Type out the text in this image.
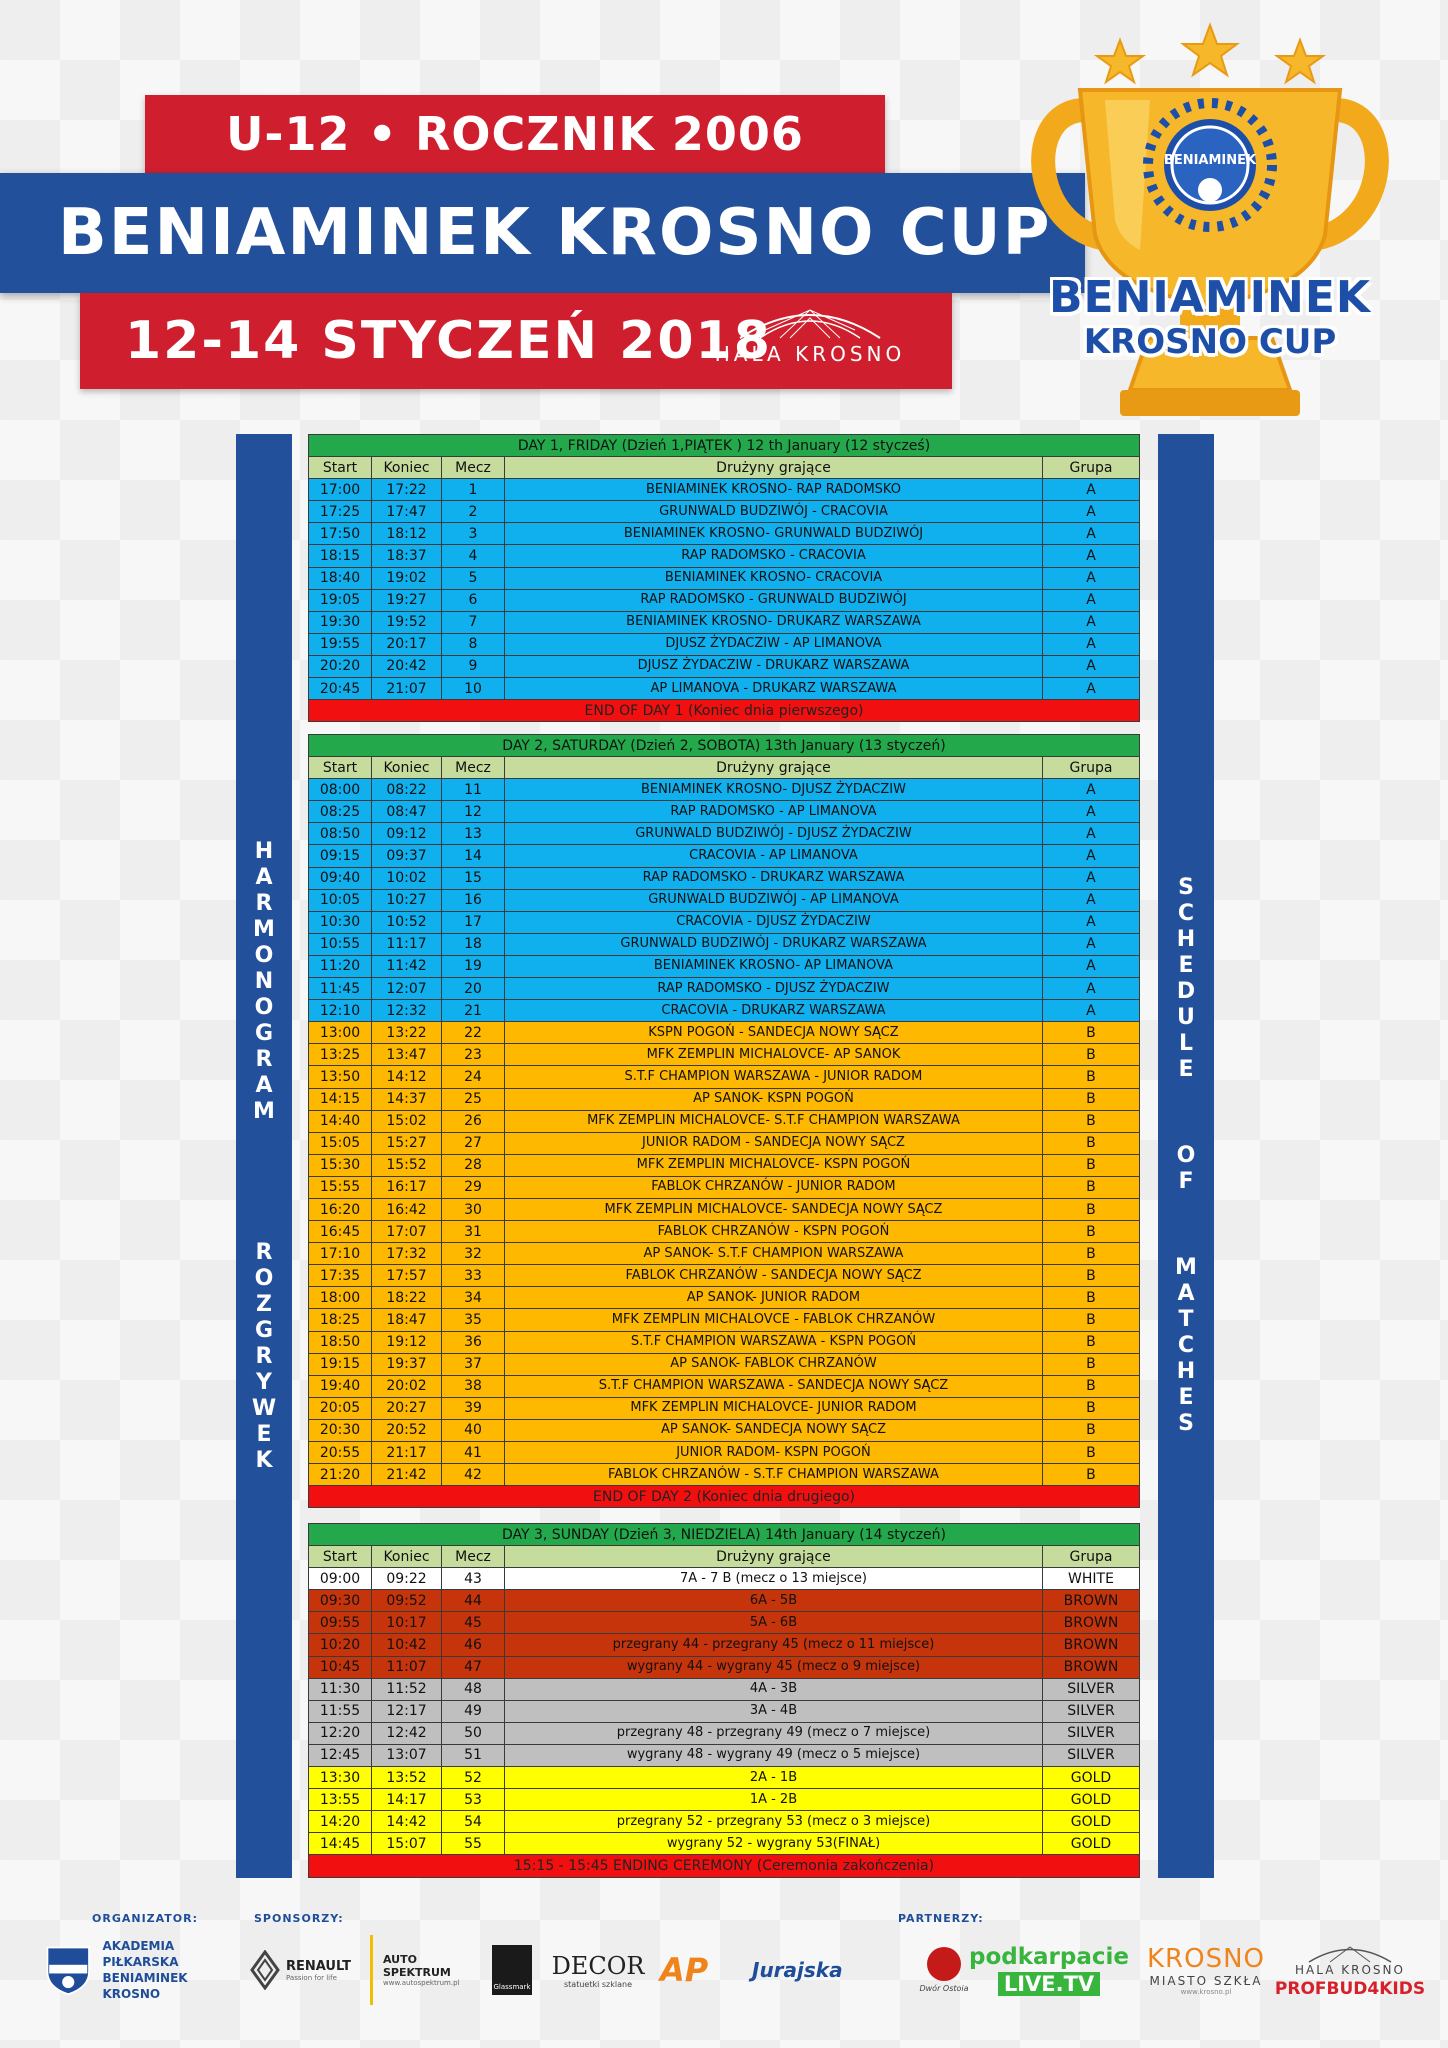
U-12 • ROCZNIK 2006
BENIAMINEK KROSNO CUP
12-14 STYCZEŃ 2018
HALA KROSNO
BENIAMINEK
BENIAMINEK
KROSNO CUP
H
A
R
M
O
N
O
G
R
A
M
R
O
Z
G
R
Y
W
E
K
S
C
H
E
D
U
L
E
O
F
M
A
T
C
H
E
S
DAY 1, FRIDAY (Dzień 1,PIĄTEK ) 12 th January (12 stycześ)				
Start	Koniec	Mecz	Drużyny grające	Grupa
17:00	17:22	1	BENIAMINEK KROSNO- RAP RADOMSKO	A
17:25	17:47	2	GRUNWALD BUDZIWÓJ - CRACOVIA	A
17:50	18:12	3	BENIAMINEK KROSNO- GRUNWALD BUDZIWÓJ	A
18:15	18:37	4	RAP RADOMSKO - CRACOVIA	A
18:40	19:02	5	BENIAMINEK KROSNO- CRACOVIA	A
19:05	19:27	6	RAP RADOMSKO - GRUNWALD BUDZIWÓJ	A
19:30	19:52	7	BENIAMINEK KROSNO- DRUKARZ WARSZAWA	A
19:55	20:17	8	DJUSZ ŻYDACZIW - AP LIMANOVA	A
20:20	20:42	9	DJUSZ ŻYDACZIW - DRUKARZ WARSZAWA	A
20:45	21:07	10	AP LIMANOVA - DRUKARZ WARSZAWA	A
END OF DAY 1 (Koniec dnia pierwszego)				
DAY 2, SATURDAY (Dzień 2, SOBOTA) 13th January (13 styczeń)				
Start	Koniec	Mecz	Drużyny grające	Grupa
08:00	08:22	11	BENIAMINEK KROSNO- DJUSZ ŻYDACZIW	A
08:25	08:47	12	RAP RADOMSKO - AP LIMANOVA	A
08:50	09:12	13	GRUNWALD BUDZIWÓJ - DJUSZ ŻYDACZIW	A
09:15	09:37	14	CRACOVIA - AP LIMANOVA	A
09:40	10:02	15	RAP RADOMSKO - DRUKARZ WARSZAWA	A
10:05	10:27	16	GRUNWALD BUDZIWÓJ - AP LIMANOVA	A
10:30	10:52	17	CRACOVIA - DJUSZ ŻYDACZIW	A
10:55	11:17	18	GRUNWALD BUDZIWÓJ - DRUKARZ WARSZAWA	A
11:20	11:42	19	BENIAMINEK KROSNO- AP LIMANOVA	A
11:45	12:07	20	RAP RADOMSKO - DJUSZ ŻYDACZIW	A
12:10	12:32	21	CRACOVIA - DRUKARZ WARSZAWA	A
13:00	13:22	22	KSPN POGOŃ - SANDECJA NOWY SĄCZ	B
13:25	13:47	23	MFK ZEMPLIN MICHALOVCE- AP SANOK	B
13:50	14:12	24	S.T.F CHAMPION WARSZAWA - JUNIOR RADOM	B
14:15	14:37	25	AP SANOK- KSPN POGOŃ	B
14:40	15:02	26	MFK ZEMPLIN MICHALOVCE- S.T.F CHAMPION WARSZAWA	B
15:05	15:27	27	JUNIOR RADOM - SANDECJA NOWY SĄCZ	B
15:30	15:52	28	MFK ZEMPLIN MICHALOVCE- KSPN POGOŃ	B
15:55	16:17	29	FABLOK CHRZANÓW - JUNIOR RADOM	B
16:20	16:42	30	MFK ZEMPLIN MICHALOVCE- SANDECJA NOWY SĄCZ	B
16:45	17:07	31	FABLOK CHRZANÓW - KSPN POGOŃ	B
17:10	17:32	32	AP SANOK- S.T.F CHAMPION WARSZAWA	B
17:35	17:57	33	FABLOK CHRZANÓW - SANDECJA NOWY SĄCZ	B
18:00	18:22	34	AP SANOK- JUNIOR RADOM	B
18:25	18:47	35	MFK ZEMPLIN MICHALOVCE - FABLOK CHRZANÓW	B
18:50	19:12	36	S.T.F CHAMPION WARSZAWA - KSPN POGOŃ	B
19:15	19:37	37	AP SANOK- FABLOK CHRZANÓW	B
19:40	20:02	38	S.T.F CHAMPION WARSZAWA - SANDECJA NOWY SĄCZ	B
20:05	20:27	39	MFK ZEMPLIN MICHALOVCE- JUNIOR RADOM	B
20:30	20:52	40	AP SANOK- SANDECJA NOWY SĄCZ	B
20:55	21:17	41	JUNIOR RADOM- KSPN POGOŃ	B
21:20	21:42	42	FABLOK CHRZANÓW - S.T.F CHAMPION WARSZAWA	B
END OF DAY 2 (Koniec dnia drugiego)				
DAY 3, SUNDAY (Dzień 3, NIEDZIELA) 14th January (14 styczeń)				
Start	Koniec	Mecz	Drużyny grające	Grupa
09:00	09:22	43	7A - 7 B (mecz o 13 miejsce)	WHITE
09:30	09:52	44	6A - 5B	BROWN
09:55	10:17	45	5A - 6B	BROWN
10:20	10:42	46	przegrany 44 - przegrany 45 (mecz o 11 miejsce)	BROWN
10:45	11:07	47	wygrany 44 - wygrany 45 (mecz o 9 miejsce)	BROWN
11:30	11:52	48	4A - 3B	SILVER
11:55	12:17	49	3A - 4B	SILVER
12:20	12:42	50	przegrany 48 - przegrany 49 (mecz o 7 miejsce)	SILVER
12:45	13:07	51	wygrany 48 - wygrany 49 (mecz o 5 miejsce)	SILVER
13:30	13:52	52	2A - 1B	GOLD
13:55	14:17	53	1A - 2B	GOLD
14:20	14:42	54	przegrany 52 - przegrany 53 (mecz o 3 miejsce)	GOLD
14:45	15:07	55	wygrany 52 - wygrany 53(FINAŁ)	GOLD
15:15 - 15:45 ENDING CEREMONY (Ceremonia zakończenia)				
ORGANIZATOR:	SPONSORZY:	PARTNERZY:
AKADEMIA PIŁKARSKA
BENIAMINEK KROSNO
RENAULT
Passion for life
AUTO SPEKTRUM
www.autospektrum.pl	Glassmark
DECOR
statuetki szklane AP Jurajska
Dwór Ostoia
podkarpacie
LIVE.TV
KROSNO
MIASTO SZKŁA
www.krosno.pl
HALA KROSNO
PROFBUD4KIDS
